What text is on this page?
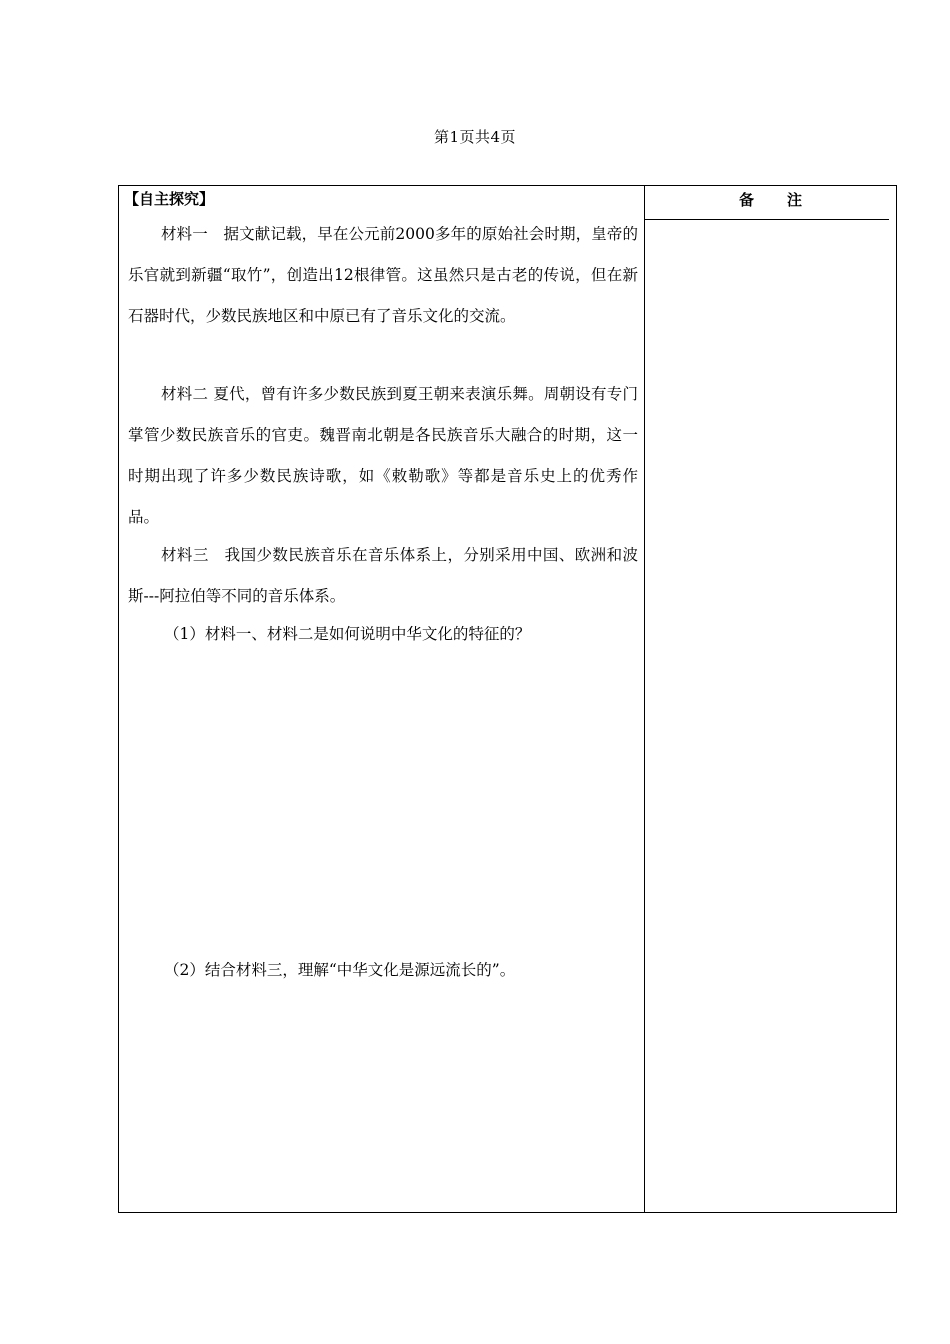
第1页共4页
【自主探究】

材料一　据文献记载，早在公元前2000多年的原始社会时期，皇帝的乐官就到新疆“取竹”，创造出12根律管。这虽然只是古老的传说，但在新石器时代，少数民族地区和中原已有了音乐文化的交流。

材料二 夏代，曾有许多少数民族到夏王朝来表演乐舞。周朝设有专门掌管少数民族音乐的官吏。魏晋南北朝是各民族音乐大融合的时期，这一时期出现了许多少数民族诗歌，如《敕勒歌》等都是音乐史上的优秀作品。

材料三　我国少数民族音乐在音乐体系上，分别采用中国、欧洲和波斯---阿拉伯等不同的音乐体系。

（1）材料一、材料二是如何说明中华文化的特征的？

（2）结合材料三，理解“中华文化是源远流长的”。

备　　注
